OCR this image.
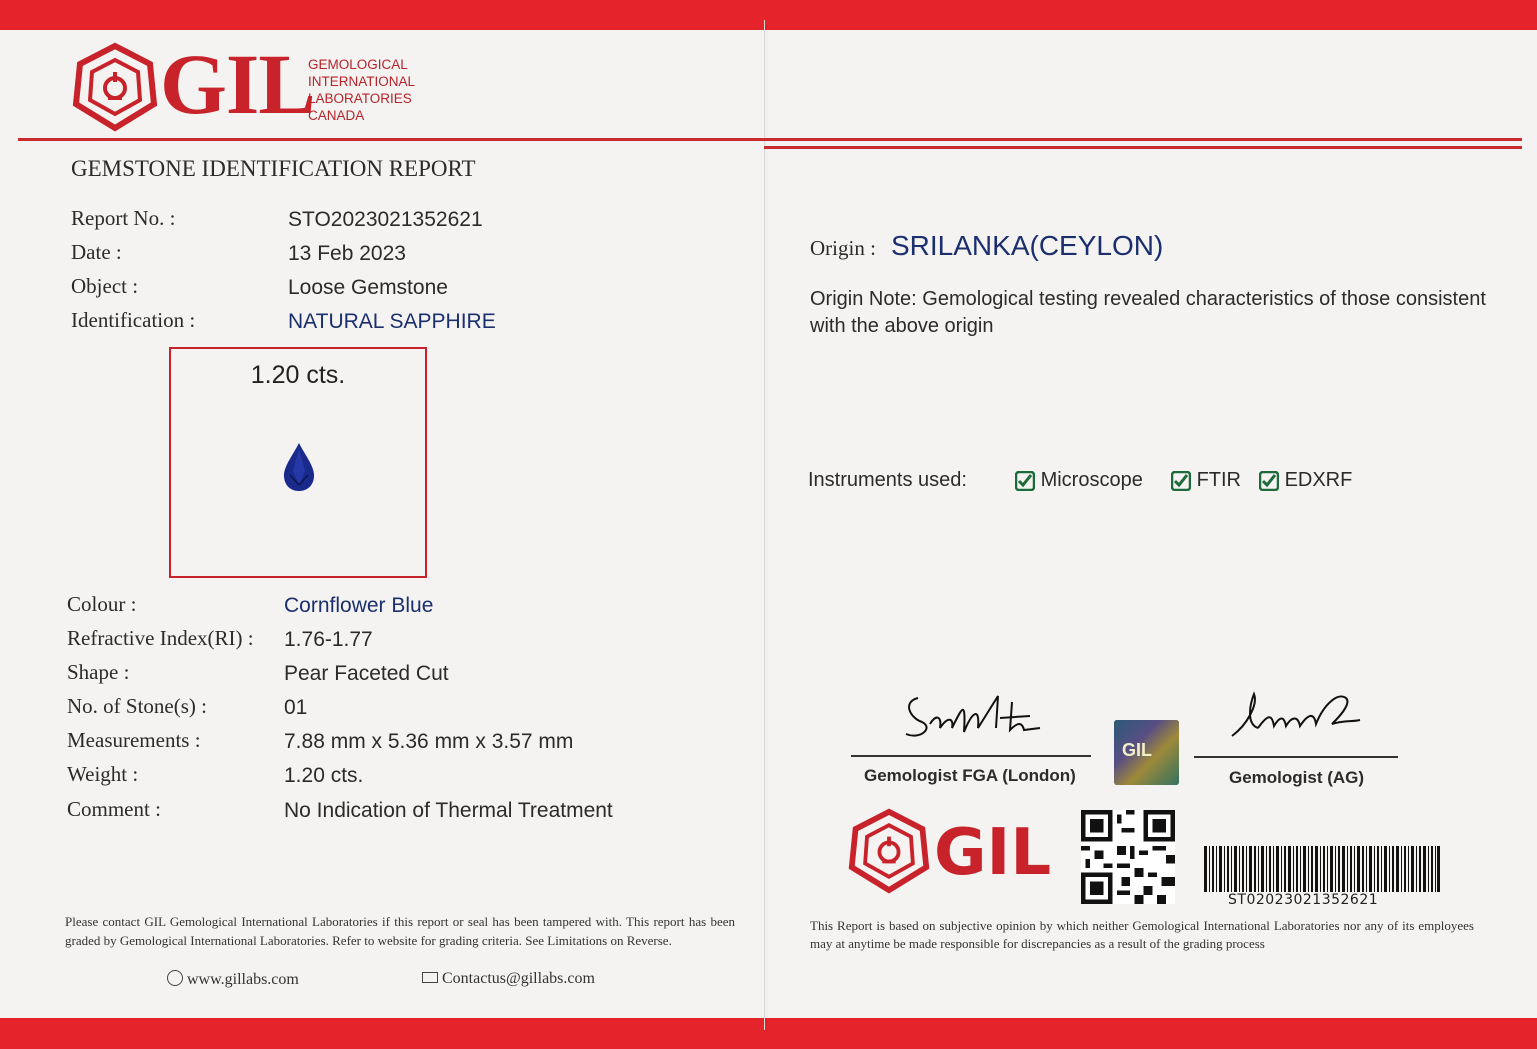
GIL
GEMOLOGICAL
INTERNATIONAL
LABORATORIES
CANADA
GEMSTONE IDENTIFICATION REPORT
Report No. :	STO2023021352621
Date :	13 Feb 2023
Object :	Loose Gemstone
Identification :	NATURAL SAPPHIRE
1.20 cts.
Colour :	Cornflower Blue
Refractive Index(RI) : 1.76-1.77
Shape :	Pear Faceted Cut
No. of Stone(s) :	01
Measurements :	7.88 mm x 5.36 mm x 3.57 mm
Weight :	1.20 cts.
Comment :	No Indication of Thermal Treatment
Please contact GIL Gemological International Laboratories if this report or seal has been tampered with. This report has been graded by Gemological International Laboratories. Refer to website for grading criteria. See Limitations on Reverse.
www.gillabs.com	Contactus@gillabs.com
Origin : SRILANKA(CEYLON)
Origin Note: Gemological testing revealed characteristics of those consistent with the above origin
Instruments used:	Microscope	FTIR	EDXRF
Gemologist FGA (London)
GIL
Gemologist (AG)
GIL
ST02023021352621
This Report is based on subjective opinion by which neither Gemological International Laboratories nor any of its employees may at anytime be made responsible for discrepancies as a result of the grading process
